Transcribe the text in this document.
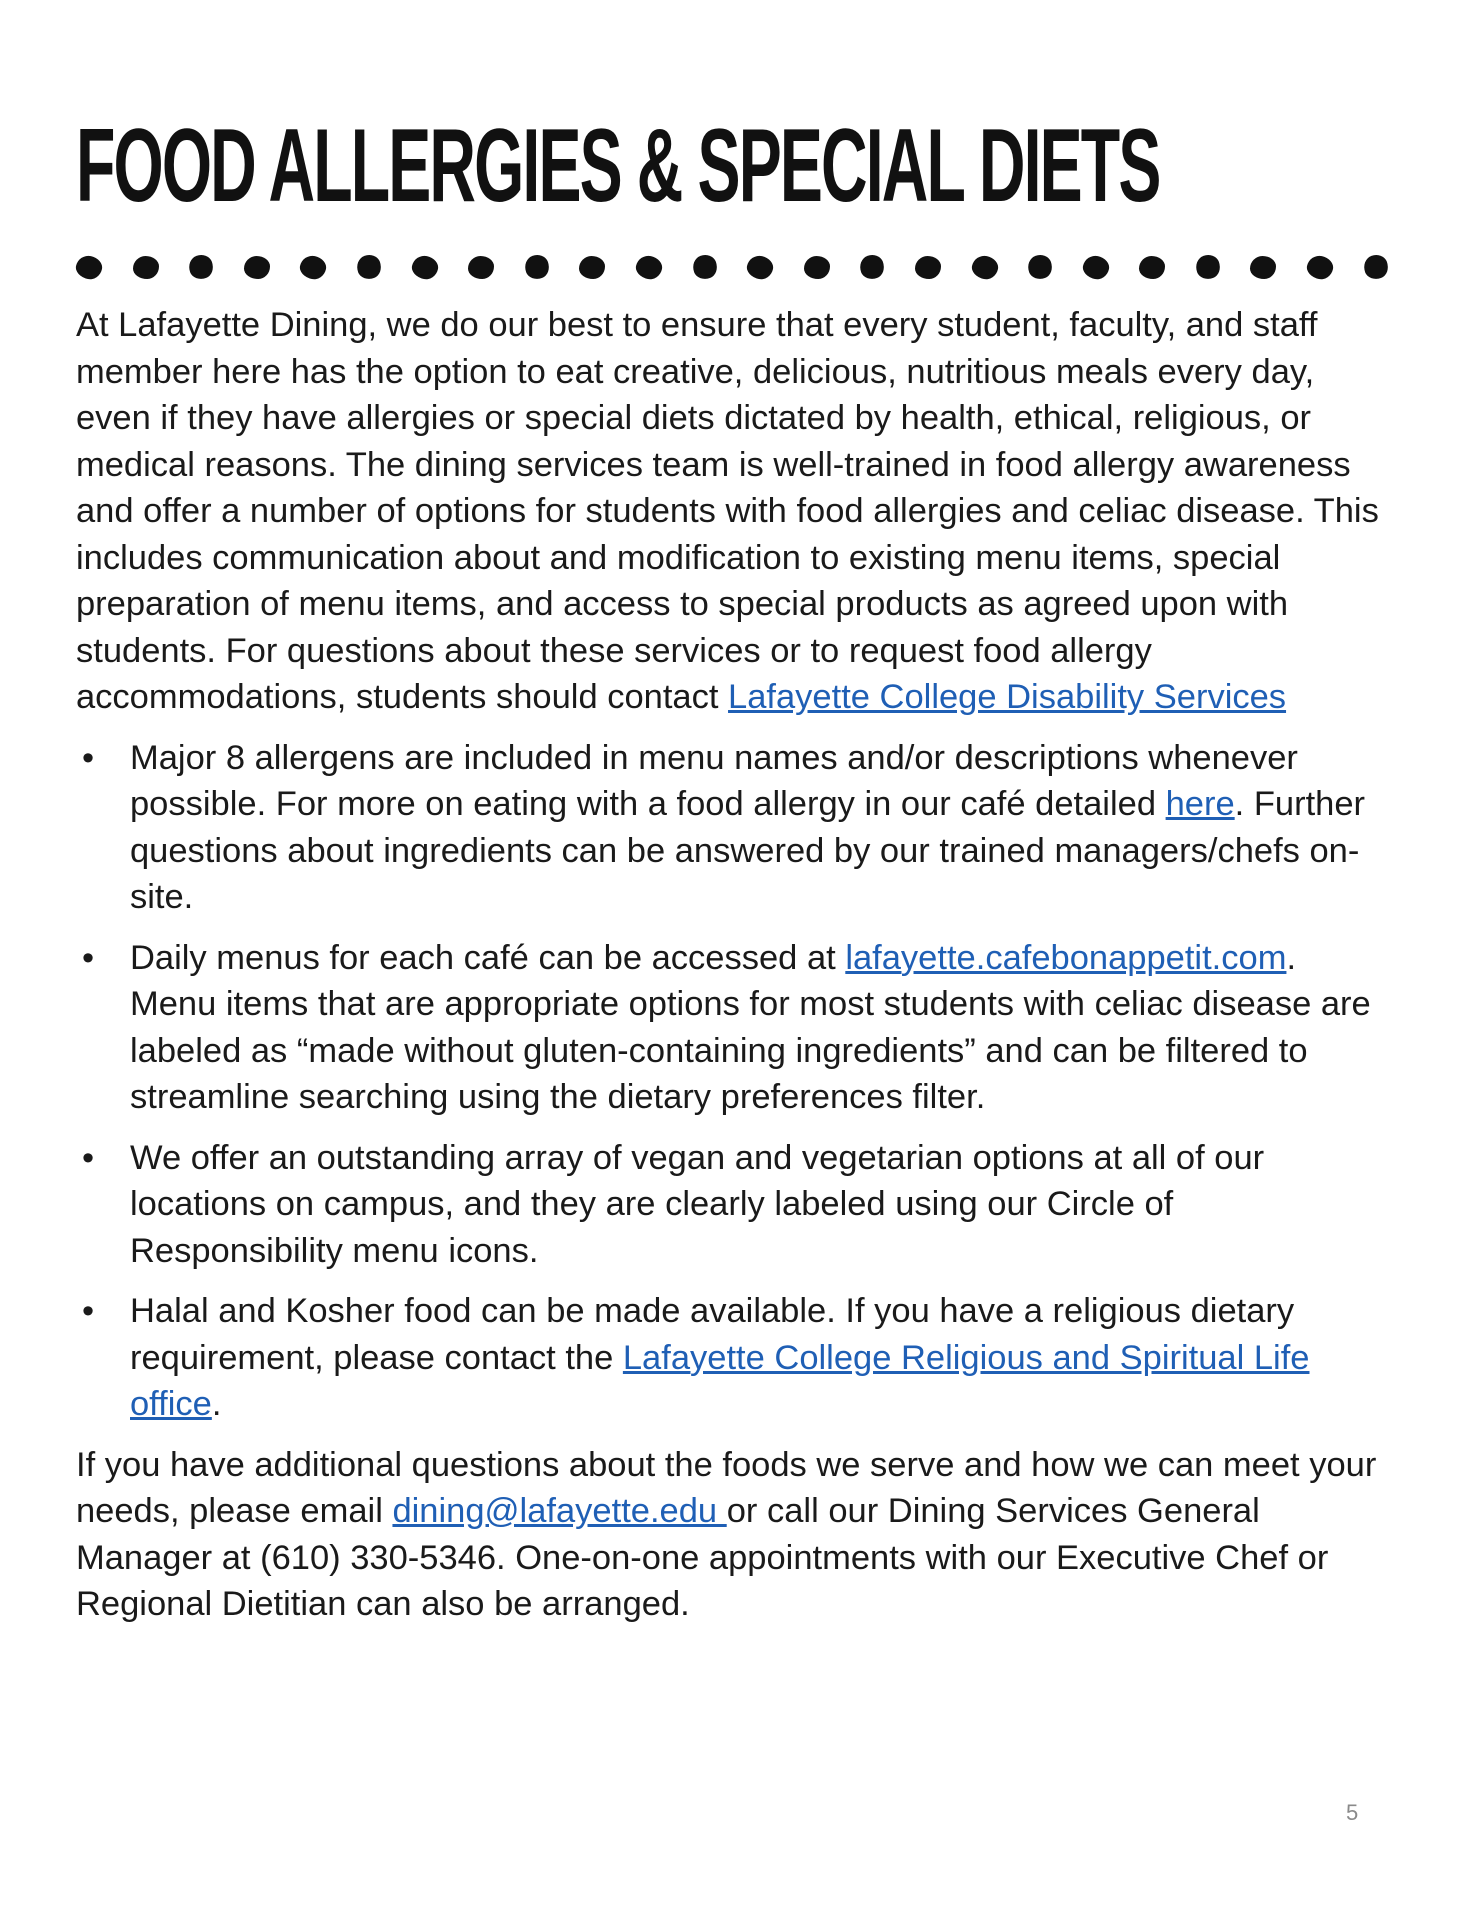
FOOD ALLERGIES & SPECIAL DIETS

At Lafayette Dining, we do our best to ensure that every student, faculty, and staff member here has the option to eat creative, delicious, nutritious meals every day, even if they have allergies or special diets dictated by health, ethical, religious, or medical reasons. The dining services team is well-trained in food allergy awareness and offer a number of options for students with food allergies and celiac disease. This includes communication about and modification to existing menu items, special preparation of menu items, and access to special products as agreed upon with students. For questions about these services or to request food allergy accommodations, students should contact Lafayette College Disability Services

• Major 8 allergens are included in menu names and/or descriptions whenever possible. For more on eating with a food allergy in our café detailed here. Further questions about ingredients can be answered by our trained managers/chefs on-site.
• Daily menus for each café can be accessed at lafayette.cafebonappetit.com. Menu items that are appropriate options for most students with celiac disease are labeled as “made without gluten-containing ingredients” and can be filtered to streamline searching using the dietary preferences filter.
• We offer an outstanding array of vegan and vegetarian options at all of our locations on campus, and they are clearly labeled using our Circle of Responsibility menu icons.
• Halal and Kosher food can be made available. If you have a religious dietary requirement, please contact the Lafayette College Religious and Spiritual Life office.

If you have additional questions about the foods we serve and how we can meet your needs, please email dining@lafayette.edu or call our Dining Services General Manager at (610) 330-5346. One-on-one appointments with our Executive Chef or Regional Dietitian can also be arranged.

5
